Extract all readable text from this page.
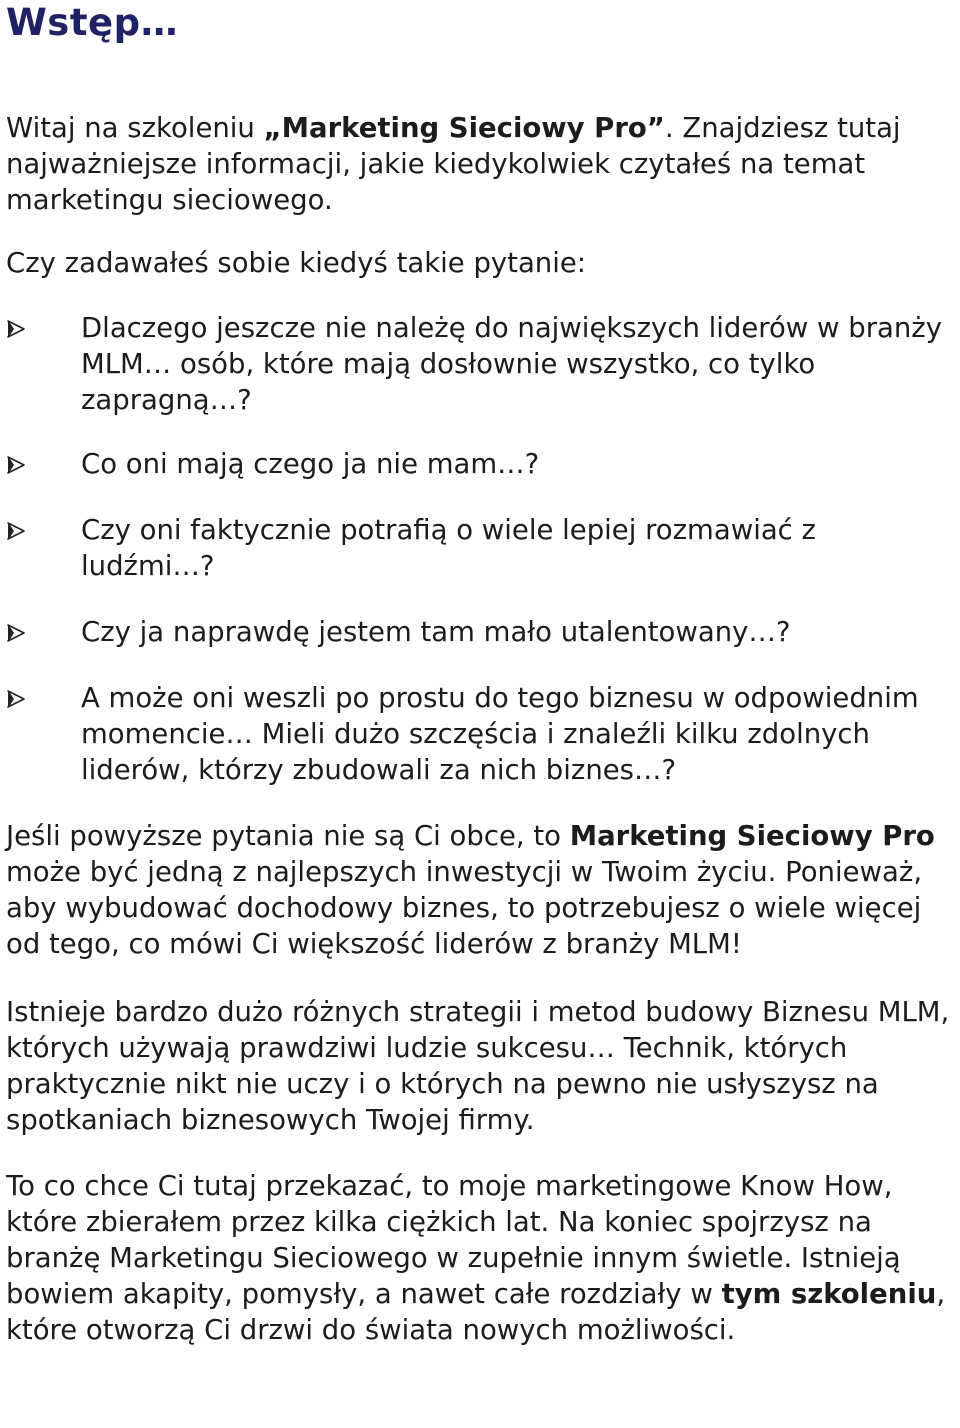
Wstęp…

Witaj na szkoleniu „Marketing Sieciowy Pro”. Znajdziesz tutaj najważniejsze informacji, jakie kiedykolwiek czytałeś na temat marketingu sieciowego.

Czy zadawałeś sobie kiedyś takie pytanie:

Dlaczego jeszcze nie należę do największych liderów w branży MLM… osób, które mają dosłownie wszystko, co tylko zapragną…?
Co oni mają czego ja nie mam…?
Czy oni faktycznie potrafią o wiele lepiej rozmawiać z ludźmi…?
Czy ja naprawdę jestem tam mało utalentowany…?
A może oni weszli po prostu do tego biznesu w odpowiednim momencie… Mieli dużo szczęścia i znaleźli kilku zdolnych liderów, którzy zbudowali za nich biznes…?

Jeśli powyższe pytania nie są Ci obce, to Marketing Sieciowy Pro może być jedną z najlepszych inwestycji w Twoim życiu. Ponieważ, aby wybudować dochodowy biznes, to potrzebujesz o wiele więcej od tego, co mówi Ci większość liderów z branży MLM!

Istnieje bardzo dużo różnych strategii i metod budowy Biznesu MLM, których używają prawdziwi ludzie sukcesu… Technik, których praktycznie nikt nie uczy i o których na pewno nie usłyszysz na spotkaniach biznesowych Twojej firmy.

To co chce Ci tutaj przekazać, to moje marketingowe Know How, które zbierałem przez kilka ciężkich lat. Na koniec spojrzysz na branżę Marketingu Sieciowego w zupełnie innym świetle. Istnieją bowiem akapity, pomysły, a nawet całe rozdziały w tym szkoleniu, które otworzą Ci drzwi do świata nowych możliwości.
